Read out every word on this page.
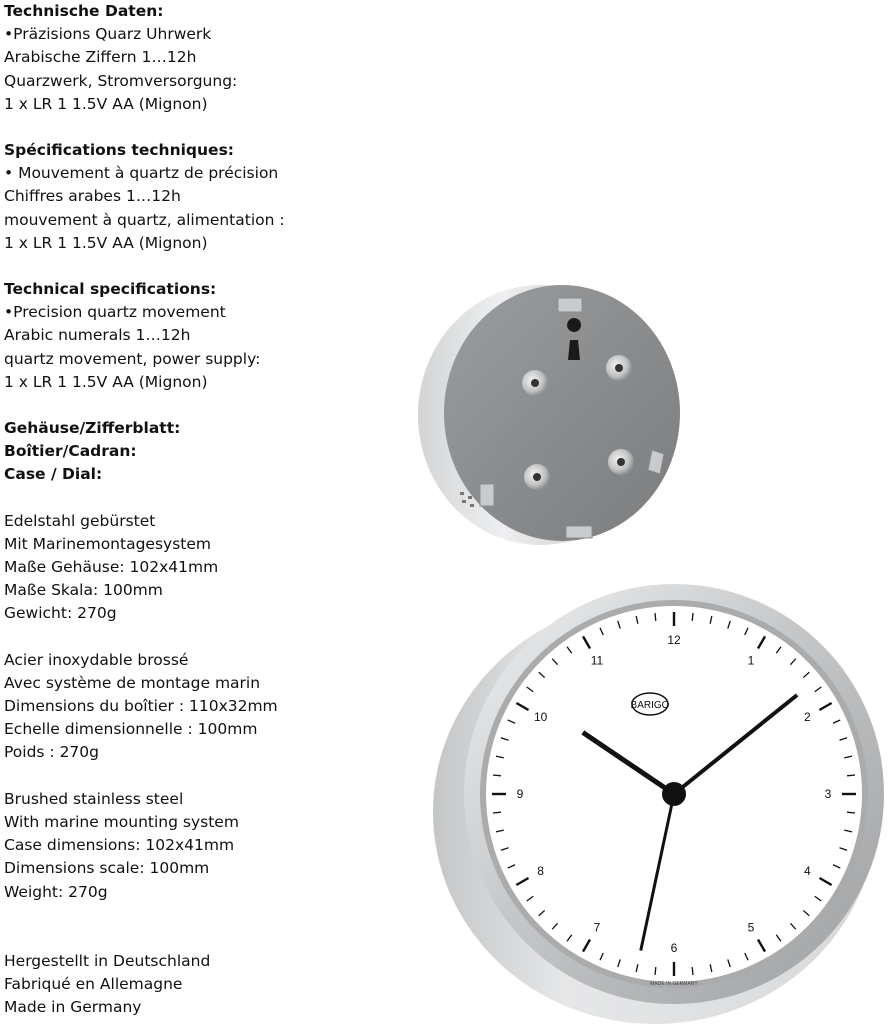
Technische Daten:
•Präzisions Quarz Uhrwerk
Arabische Ziffern 1…12h
Quarzwerk, Stromversorgung:
1 x LR 1 1.5V AA (Mignon)
Spécifications techniques:
• Mouvement à quartz de précision
Chiffres arabes 1…12h
mouvement à quartz, alimentation :
1 x LR 1 1.5V AA (Mignon)
Technical specifications:
•Precision quartz movement
Arabic numerals 1…12h
quartz movement, power supply:
1 x LR 1 1.5V AA (Mignon)
Gehäuse/Zifferblatt:
Boîtier/Cadran:
Case / Dial:
Edelstahl gebürstet
Mit Marinemontagesystem
Maße Gehäuse: 102x41mm
Maße Skala: 100mm
Gewicht: 270g
Acier inoxydable brossé
Avec système de montage marin
Dimensions du boîtier : 110x32mm
Echelle dimensionnelle : 100mm
Poids : 270g
Brushed stainless steel
With marine mounting system
Case dimensions: 102x41mm
Dimensions scale: 100mm
Weight: 270g
Hergestellt in Deutschland
Fabriqué en Allemagne
Made in Germany
12
1
2
3
4
5
6
7
8
9
10
11
BARIGO
MADE IN GERMANY
